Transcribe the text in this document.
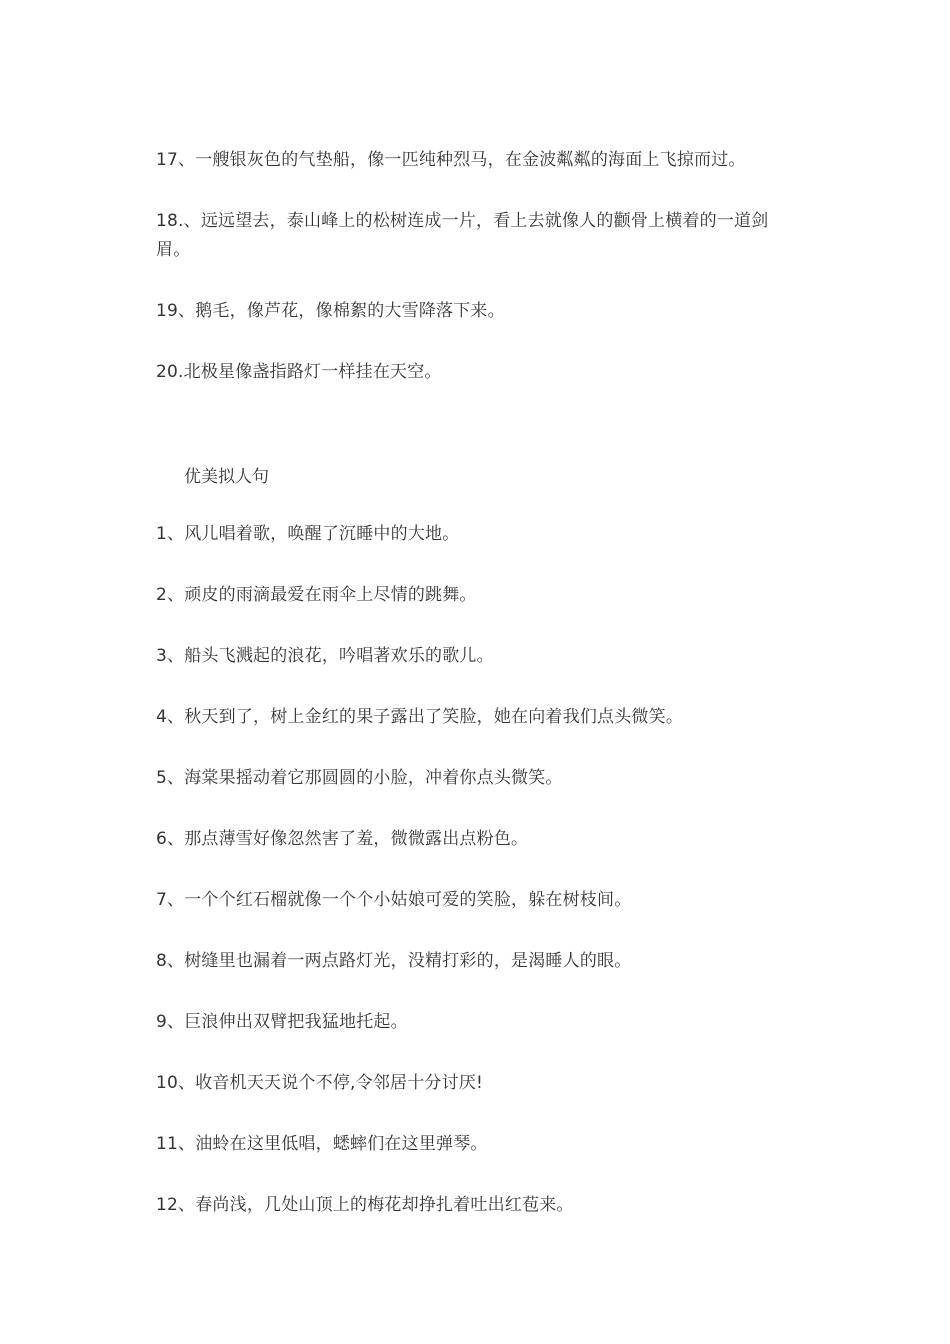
17、一艘银灰色的气垫船，像一匹纯种烈马，在金波粼粼的海面上飞掠而过。

18.、远远望去，泰山峰上的松树连成一片，看上去就像人的颧骨上横着的一道剑眉。

19、鹅毛，像芦花，像棉絮的大雪降落下来。

20.北极星像盏指路灯一样挂在天空。

优美拟人句

1、风儿唱着歌，唤醒了沉睡中的大地。

2、顽皮的雨滴最爱在雨伞上尽情的跳舞。

3、船头飞溅起的浪花，吟唱著欢乐的歌儿。

4、秋天到了，树上金红的果子露出了笑脸，她在向着我们点头微笑。

5、海棠果摇动着它那圆圆的小脸，冲着你点头微笑。

6、那点薄雪好像忽然害了羞，微微露出点粉色。

7、一个个红石榴就像一个个小姑娘可爱的笑脸，躲在树枝间。

8、树缝里也漏着一两点路灯光，没精打彩的，是渴睡人的眼。

9、巨浪伸出双臂把我猛地托起。

10、收音机天天说个不停,令邻居十分讨厌!

11、油蛉在这里低唱，蟋蟀们在这里弹琴。

12、春尚浅，几处山顶上的梅花却挣扎着吐出红苞来。
